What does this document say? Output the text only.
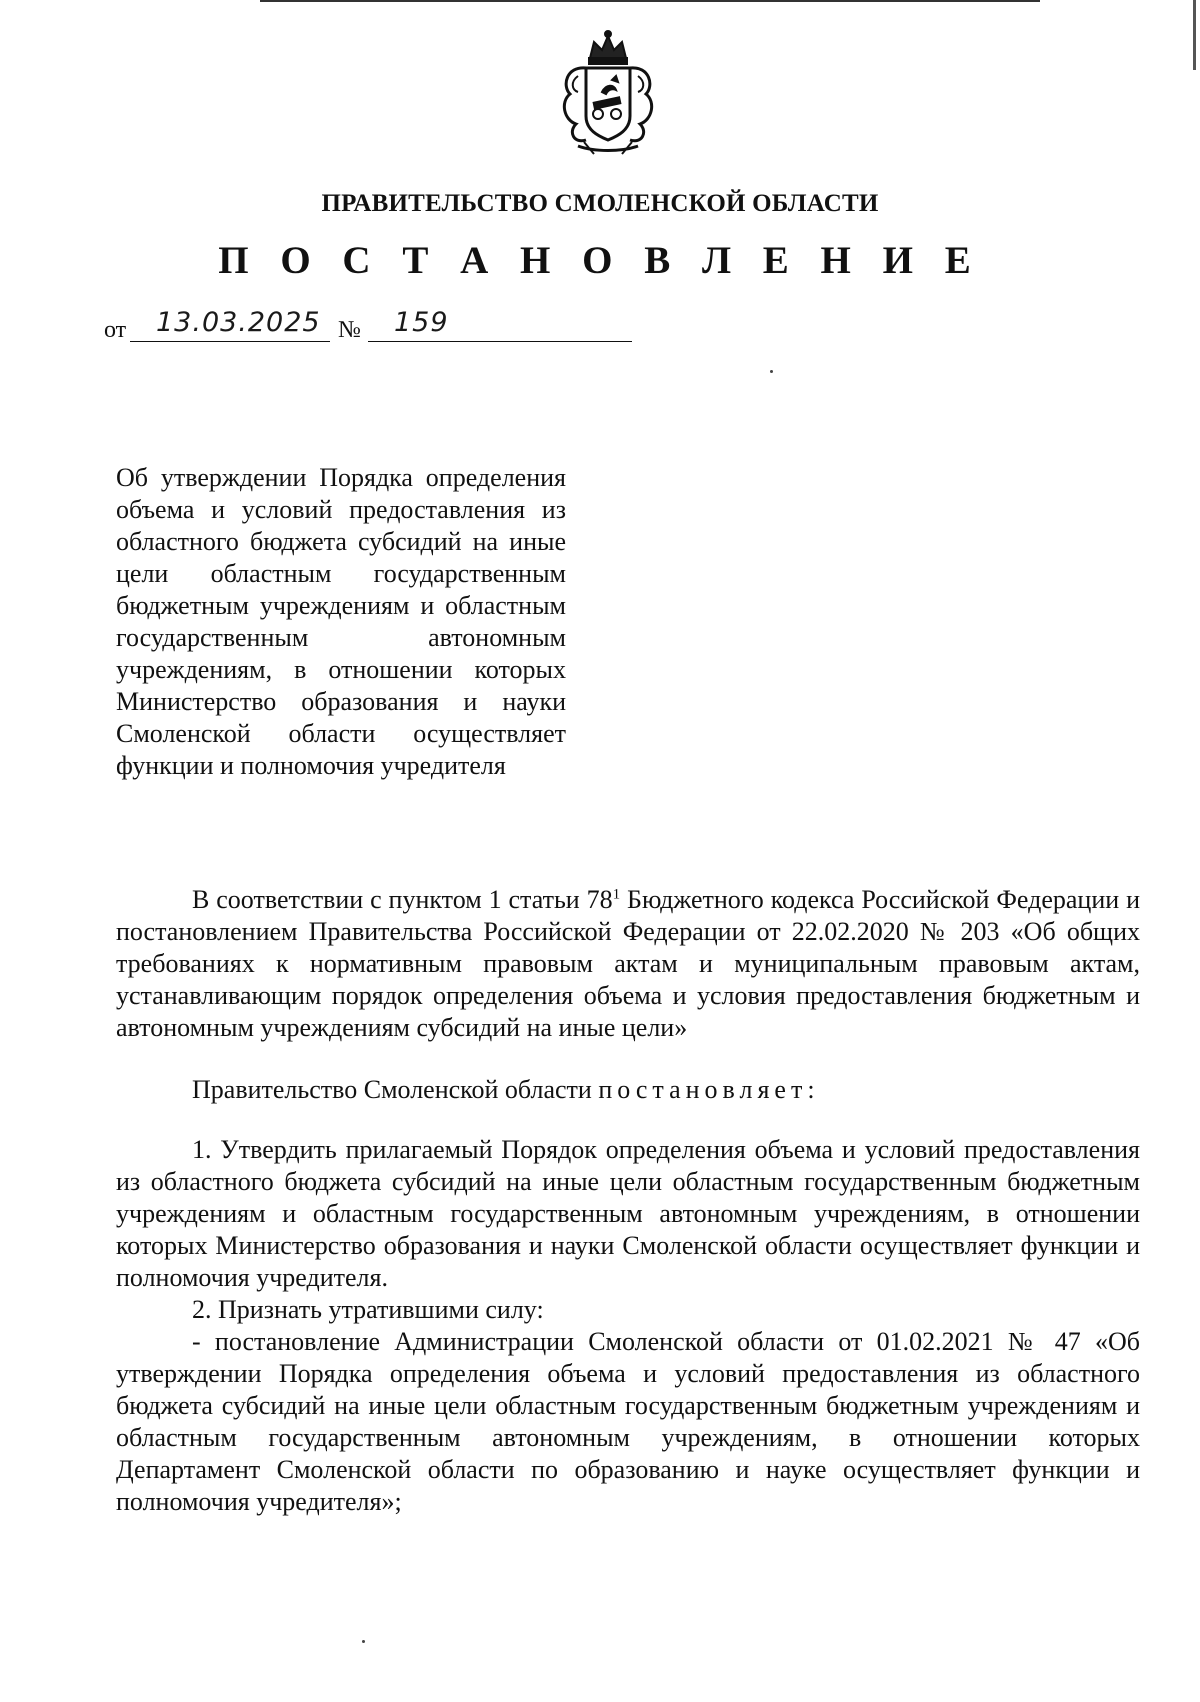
ПРАВИТЕЛЬСТВО СМОЛЕНСКОЙ ОБЛАСТИ
П О С Т А Н О В Л Е Н И Е
от 13.03.2025 № 159
Об утверждении Порядка определения объема и условий предоставления из областного бюджета субсидий на иные цели областным государственным бюджетным учреждениям и областным государственным автономным учреждениям, в отношении которых Министерство образования и науки Смоленской области осуществляет функции и полномочия учредителя

В соответствии с пунктом 1 статьи $78^1$ Бюджетного кодекса Российской Федерации и постановлением Правительства Российской Федерации от 22.02.2020 № 203 «Об общих требованиях к нормативным правовым актам и муниципальным правовым актам, устанавливающим порядок определения объема и условия предоставления бюджетным и автономным учреждениям субсидий на иные цели»

Правительство Смоленской области постановляет:

1. Утвердить прилагаемый Порядок определения объема и условий предоставления из областного бюджета субсидий на иные цели областным государственным бюджетным учреждениям и областным государственным автономным учреждениям, в отношении которых Министерство образования и науки Смоленской области осуществляет функции и полномочия учредителя.

2. Признать утратившими силу:

- постановление Администрации Смоленской области от 01.02.2021 № 47 «Об утверждении Порядка определения объема и условий предоставления из областного бюджета субсидий на иные цели областным государственным бюджетным учреждениям и областным государственным автономным учреждениям, в отношении которых Департамент Смоленской области по образованию и науке осуществляет функции и полномочия учредителя»;
